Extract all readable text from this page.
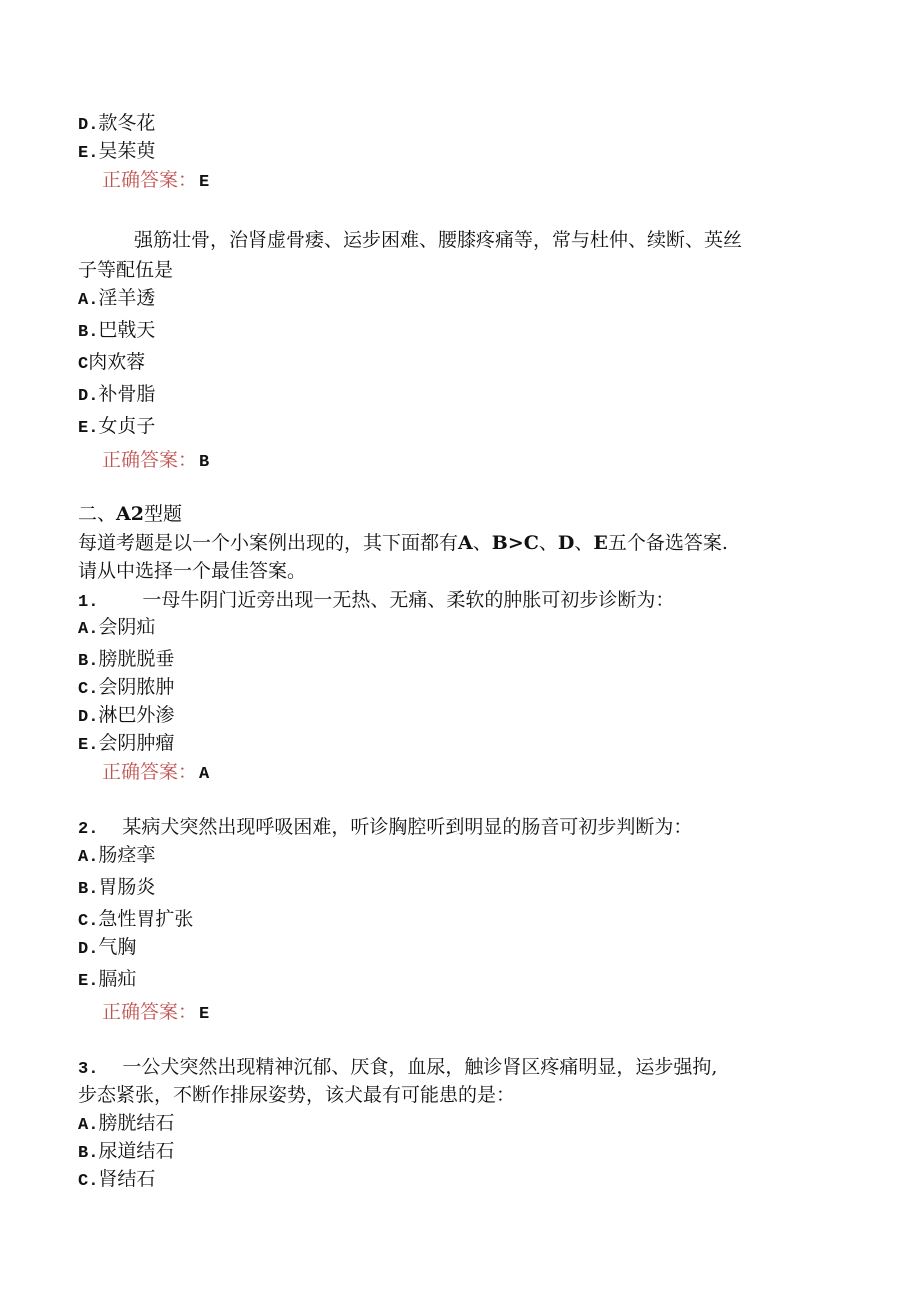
D.款冬花
E.吴茱萸
正确答案： E
强筋壮骨，治肾虚骨痿、运步困难、腰膝疼痛等，常与杜仲、续断、英丝
子等配伍是
A.淫羊透
B.巴戟天
C肉欢蓉
D.补骨脂
E.女贞子
正确答案： B
二、A2型题
每道考题是以一个小案例出现的，其下面都有A、B>C、D、E五个备选答案.
请从中选择一个最佳答案。
1. 一母牛阴门近旁出现一无热、无痛、柔软的肿胀可初步诊断为：
A.会阴疝
B.膀胱脱垂
C.会阴脓肿
D.淋巴外渗
E.会阴肿瘤
正确答案： A
2. 某病犬突然出现呼吸困难，听诊胸腔听到明显的肠音可初步判断为：
A.肠痉挛
B.胃肠炎
C.急性胃扩张
D.气胸
E.膈疝
正确答案： E
3. 一公犬突然出现精神沉郁、厌食，血尿，触诊肾区疼痛明显，运步强拘,
步态紧张，不断作排尿姿势，该犬最有可能患的是：
A.膀胱结石
B.尿道结石
C.肾结石
